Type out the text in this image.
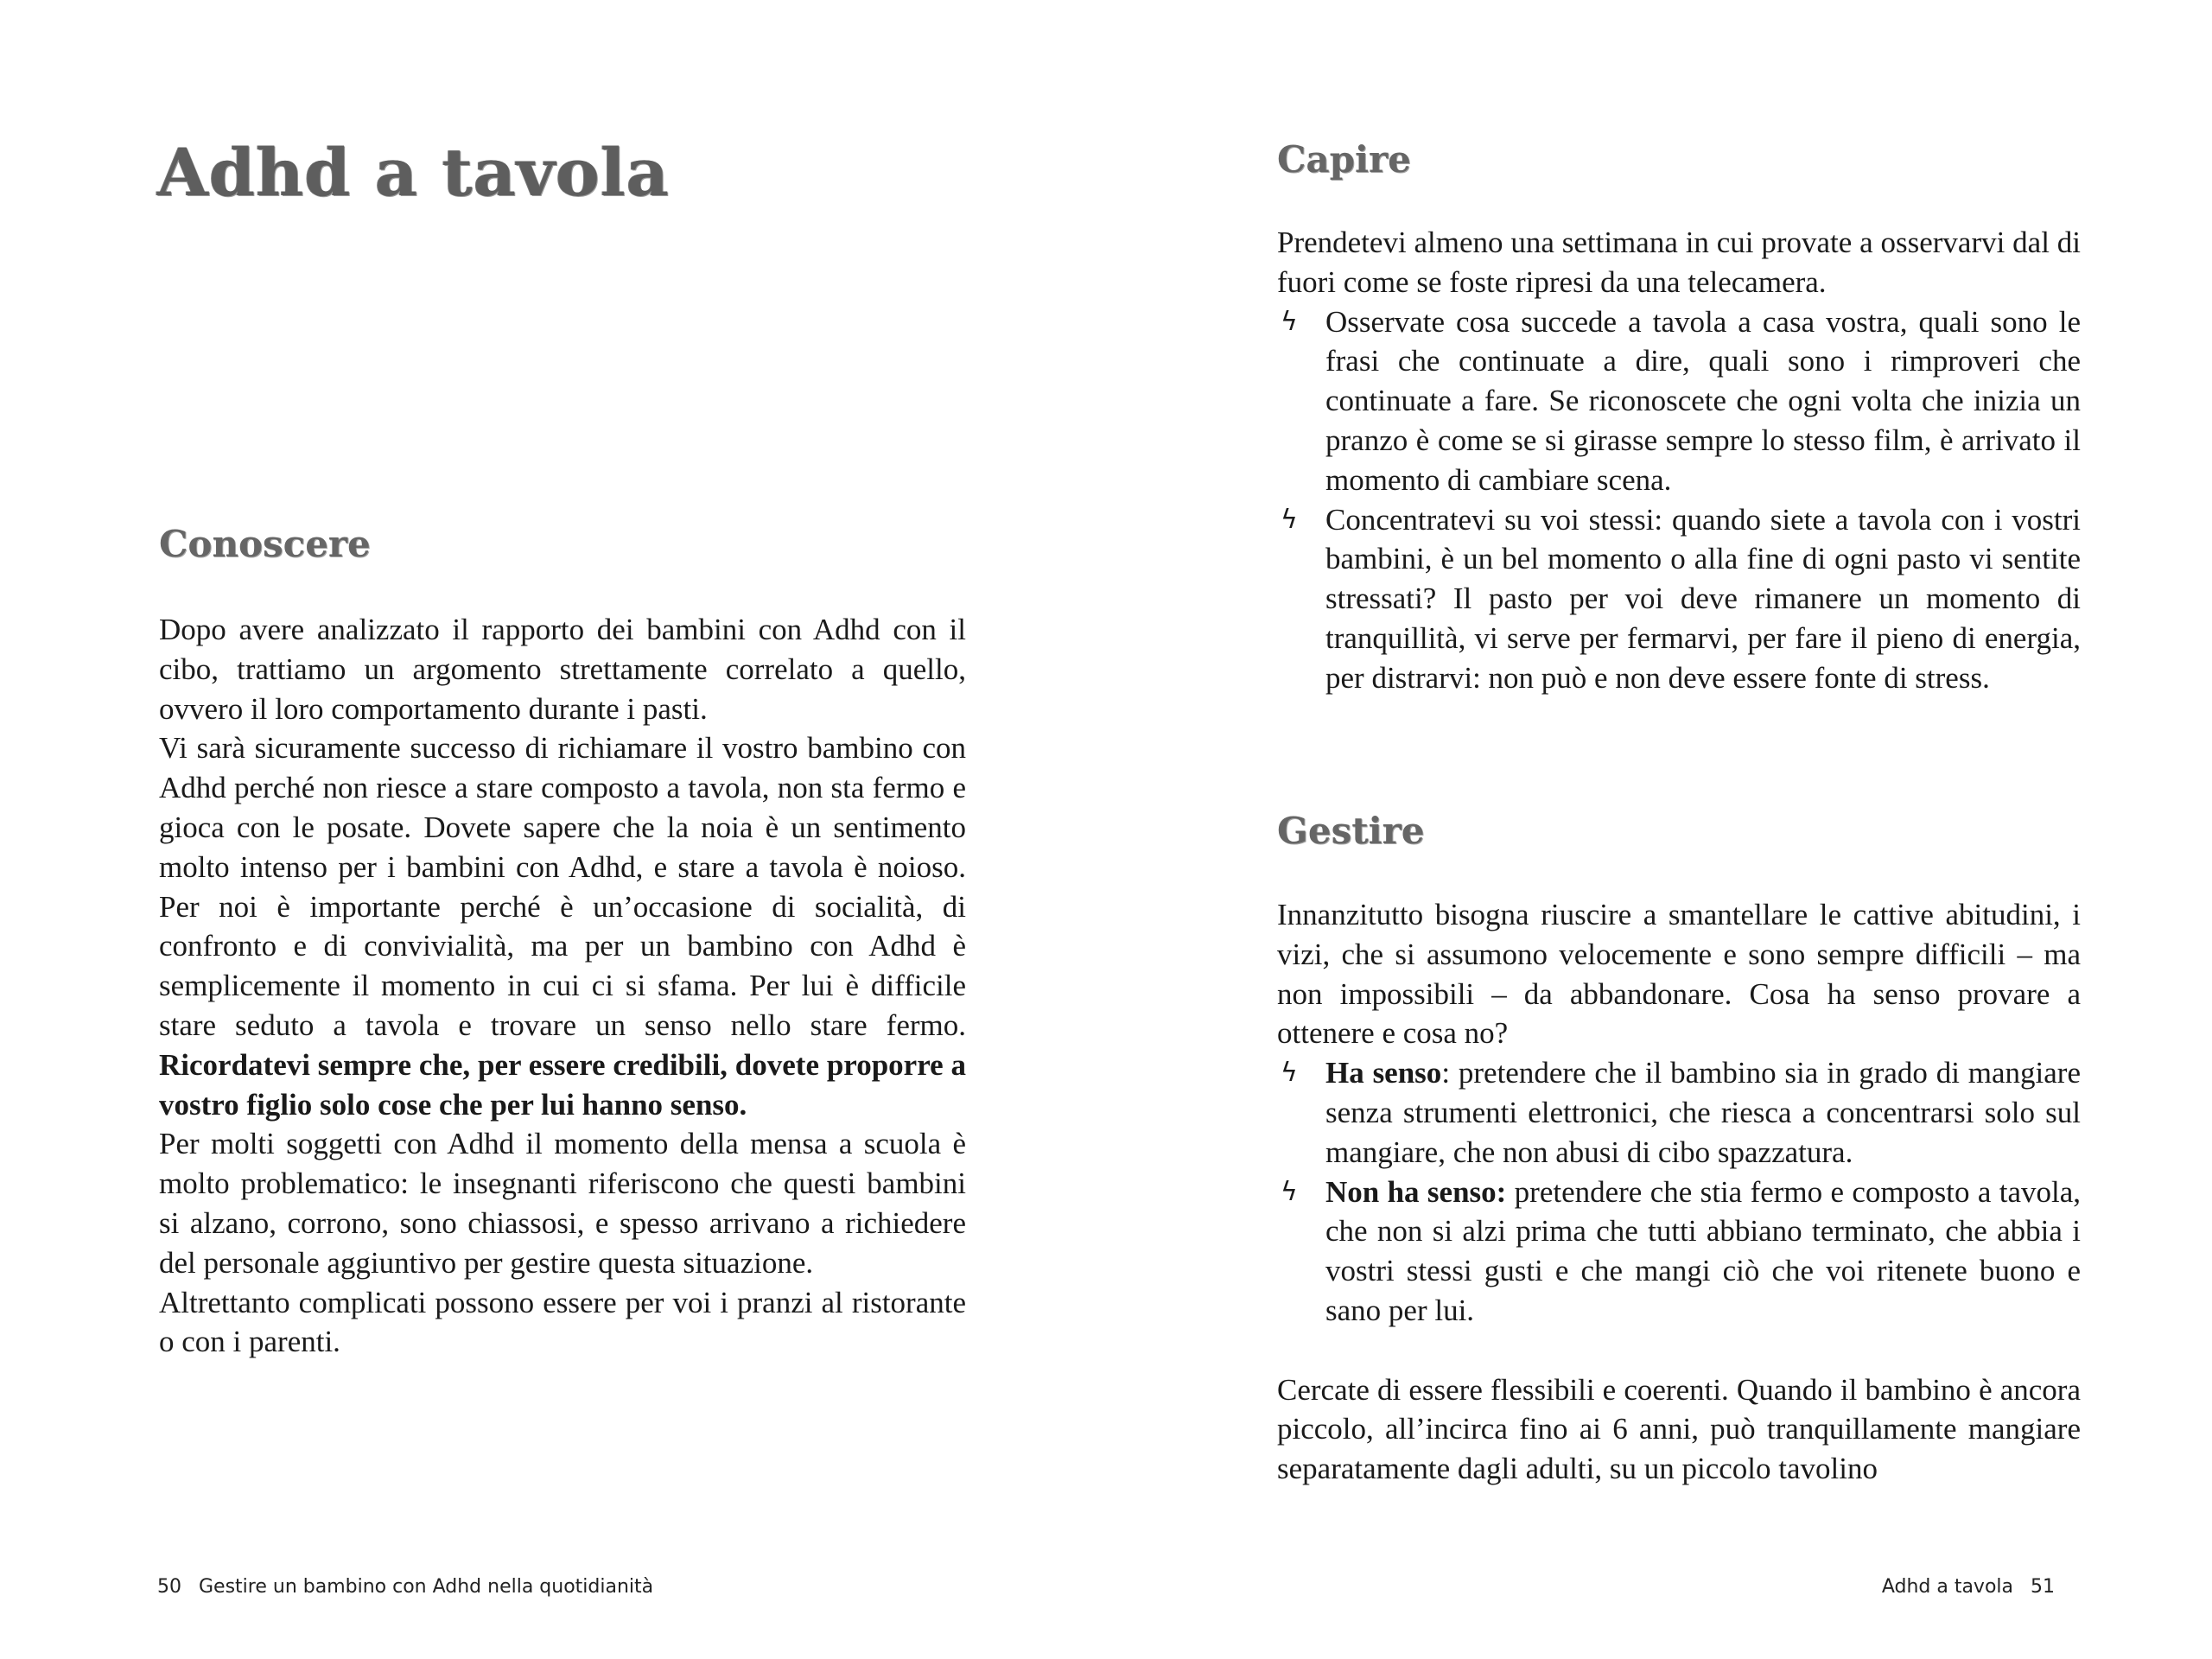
Adhd a tavola
Conoscere

Dopo avere analizzato il rapporto dei bambini con Adhd con il cibo, trattiamo un argomento strettamente correlato a quello, ovvero il loro comportamento durante i pasti.

Vi sarà sicuramente successo di richiamare il vostro bambino con Adhd perché non riesce a stare composto a tavola, non sta fermo e gioca con le posate. Dovete sapere che la noia è un sentimento molto intenso per i bambini con Adhd, e stare a tavola è noioso. Per noi è importante perché è un’occasione di socialità, di confronto e di convivialità, ma per un bambino con Adhd è semplicemente il momento in cui ci si sfama. Per lui è difficile stare seduto a tavola e trovare un senso nello stare fermo. Ricordatevi sempre che, per essere credibili, dovete proporre a vostro figlio solo cose che per lui hanno senso.

Per molti soggetti con Adhd il momento della mensa a scuola è molto problematico: le insegnanti riferiscono che questi bambini si alzano, corrono, sono chiassosi, e spesso arrivano a richiedere del personale aggiuntivo per gestire questa situazione.

Altrettanto complicati possono essere per voi i pranzi al ristorante o con i parenti.

50 Gestire un bambino con Adhd nella quotidianità
Capire

Prendetevi almeno una settimana in cui provate a osservarvi dal di fuori come se foste ripresi da una telecamera.

ϟ Osservate cosa succede a tavola a casa vostra, quali sono le frasi che continuate a dire, quali sono i rimproveri che continuate a fare. Se riconoscete che ogni volta che inizia un pranzo è come se si girasse sempre lo stesso film, è arrivato il momento di cambiare scena.
ϟ Concentratevi su voi stessi: quando siete a tavola con i vostri bambini, è un bel momento o alla fine di ogni pasto vi sentite stressati? Il pasto per voi deve rimanere un momento di tranquillità, vi serve per fermarvi, per fare il pieno di energia, per distrarvi: non può e non deve essere fonte di stress.
Gestire

Innanzitutto bisogna riuscire a smantellare le cattive abitudini, i vizi, che si assumono velocemente e sono sempre difficili – ma non impossibili – da abbandonare. Cosa ha senso provare a ottenere e cosa no?

ϟ Ha senso: pretendere che il bambino sia in grado di mangiare senza strumenti elettronici, che riesca a concentrarsi solo sul mangiare, che non abusi di cibo spazzatura.
ϟ Non ha senso: pretendere che stia fermo e composto a tavola, che non si alzi prima che tutti abbiano terminato, che abbia i vostri stessi gusti e che mangi ciò che voi ritenete buono e sano per lui.

Cercate di essere flessibili e coerenti. Quando il bambino è ancora piccolo, all’incirca fino ai 6 anni, può tranquillamente mangiare separatamente dagli adulti, su un piccolo tavolino

Adhd a tavola 51
